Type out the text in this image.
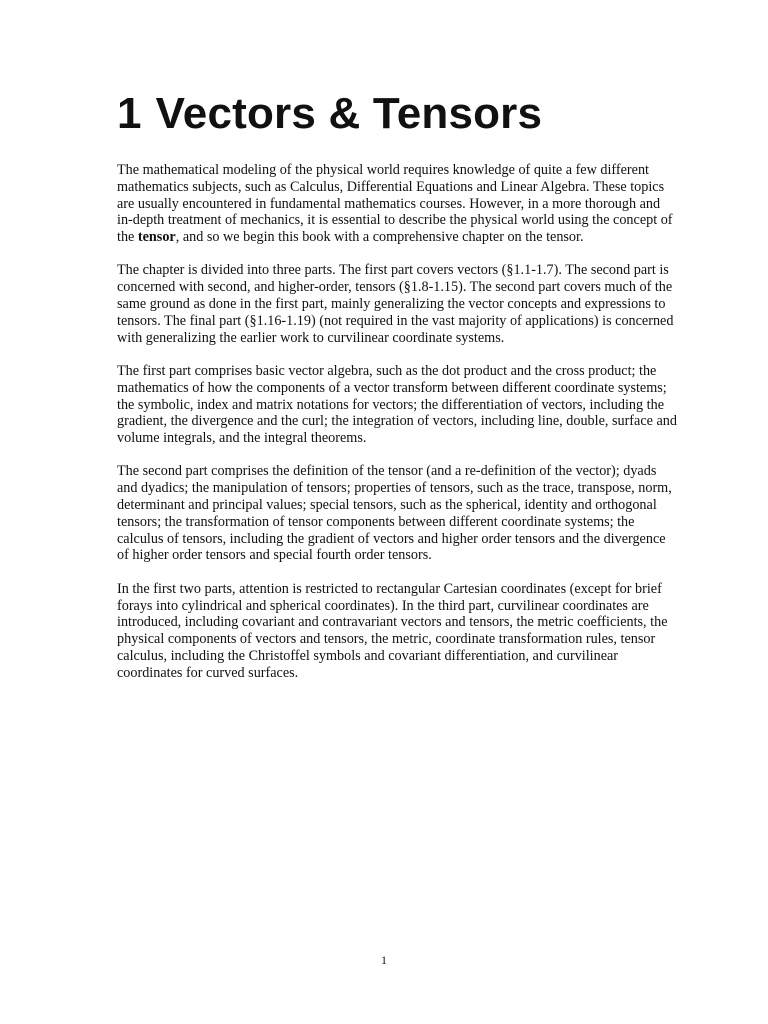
1 Vectors & Tensors

The mathematical modeling of the physical world requires knowledge of quite a few different mathematics subjects, such as Calculus, Differential Equations and Linear Algebra. These topics are usually encountered in fundamental mathematics courses. However, in a more thorough and in-depth treatment of mechanics, it is essential to describe the physical world using the concept of the tensor, and so we begin this book with a comprehensive chapter on the tensor.

The chapter is divided into three parts. The first part covers vectors (§1.1-1.7). The second part is concerned with second, and higher-order, tensors (§1.8-1.15). The second part covers much of the same ground as done in the first part, mainly generalizing the vector concepts and expressions to tensors. The final part (§1.16-1.19) (not required in the vast majority of applications) is concerned with generalizing the earlier work to curvilinear coordinate systems.

The first part comprises basic vector algebra, such as the dot product and the cross product; the mathematics of how the components of a vector transform between different coordinate systems; the symbolic, index and matrix notations for vectors; the differentiation of vectors, including the gradient, the divergence and the curl; the integration of vectors, including line, double, surface and volume integrals, and the integral theorems.

The second part comprises the definition of the tensor (and a re-definition of the vector); dyads and dyadics; the manipulation of tensors; properties of tensors, such as the trace, transpose, norm, determinant and principal values; special tensors, such as the spherical, identity and orthogonal tensors; the transformation of tensor components between different coordinate systems; the calculus of tensors, including the gradient of vectors and higher order tensors and the divergence of higher order tensors and special fourth order tensors.

In the first two parts, attention is restricted to rectangular Cartesian coordinates (except for brief forays into cylindrical and spherical coordinates). In the third part, curvilinear coordinates are introduced, including covariant and contravariant vectors and tensors, the metric coefficients, the physical components of vectors and tensors, the metric, coordinate transformation rules, tensor calculus, including the Christoffel symbols and covariant differentiation, and curvilinear coordinates for curved surfaces.

1
